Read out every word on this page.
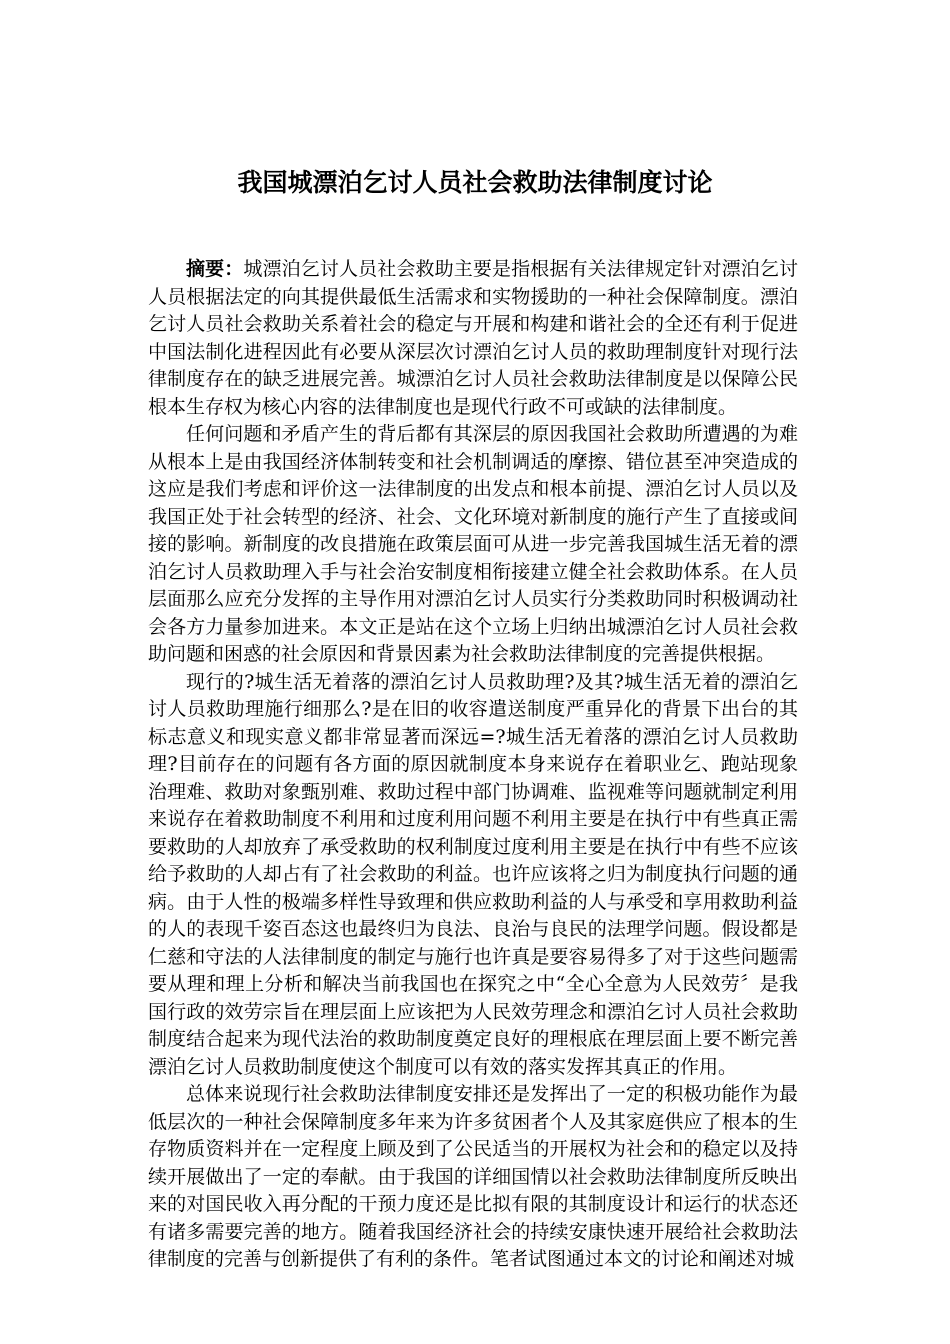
我国城漂泊乞讨人员社会救助法律制度讨论

摘要：城漂泊乞讨人员社会救助主要是指根据有关法律规定针对漂泊乞讨人员根据法定的向其提供最低生活需求和实物援助的一种社会保障制度。漂泊乞讨人员社会救助关系着社会的稳定与开展和构建和谐社会的全还有利于促进中国法制化进程因此有必要从深层次讨漂泊乞讨人员的救助理制度针对现行法律制度存在的缺乏进展完善。城漂泊乞讨人员社会救助法律制度是以保障公民根本生存权为核心内容的法律制度也是现代行政不可或缺的法律制度。

任何问题和矛盾产生的背后都有其深层的原因我国社会救助所遭遇的为难从根本上是由我国经济体制转变和社会机制调适的摩擦、错位甚至冲突造成的这应是我们考虑和评价这一法律制度的出发点和根本前提、漂泊乞讨人员以及我国正处于社会转型的经济、社会、文化环境对新制度的施行产生了直接或间接的影响。新制度的改良措施在政策层面可从进一步完善我国城生活无着的漂泊乞讨人员救助理入手与社会治安制度相衔接建立健全社会救助体系。在人员层面那么应充分发挥的主导作用对漂泊乞讨人员实行分类救助同时积极调动社会各方力量参加进来。本文正是站在这个立场上归纳出城漂泊乞讨人员社会救助问题和困惑的社会原因和背景因素为社会救助法律制度的完善提供根据。

现行的?城生活无着落的漂泊乞讨人员救助理?及其?城生活无着的漂泊乞讨人员救助理施行细那么?是在旧的收容遣送制度严重异化的背景下出台的其标志意义和现实意义都非常显著而深远=?城生活无着落的漂泊乞讨人员救助理?目前存在的问题有各方面的原因就制度本身来说存在着职业乞、跑站现象治理难、救助对象甄别难、救助过程中部门协调难、监视难等问题就制定利用来说存在着救助制度不利用和过度利用问题不利用主要是在执行中有些真正需要救助的人却放弃了承受救助的权利制度过度利用主要是在执行中有些不应该给予救助的人却占有了社会救助的利益。也许应该将之归为制度执行问题的通病。由于人性的极端多样性导致理和供应救助利益的人与承受和享用救助利益的人的表现千姿百态这也最终归为良法、良治与良民的法理学问题。假设都是仁慈和守法的人法律制度的制定与施行也许真是要容易得多了对于这些问题需要从理和理上分析和解决当前我国也在探究之中“全心全意为人民效劳〞是我国行政的效劳宗旨在理层面上应该把为人民效劳理念和漂泊乞讨人员社会救助制度结合起来为现代法治的救助制度奠定良好的理根底在理层面上要不断完善漂泊乞讨人员救助制度使这个制度可以有效的落实发挥其真正的作用。

总体来说现行社会救助法律制度安排还是发挥出了一定的积极功能作为最低层次的一种社会保障制度多年来为许多贫困者个人及其家庭供应了根本的生存物质资料并在一定程度上顾及到了公民适当的开展权为社会和的稳定以及持续开展做出了一定的奉献。由于我国的详细国情以社会救助法律制度所反映出来的对国民收入再分配的干预力度还是比拟有限的其制度设计和运行的状态还有诸多需要完善的地方。随着我国经济社会的持续安康快速开展给社会救助法律制度的完善与创新提供了有利的条件。笔者试图通过本文的讨论和阐述对城
